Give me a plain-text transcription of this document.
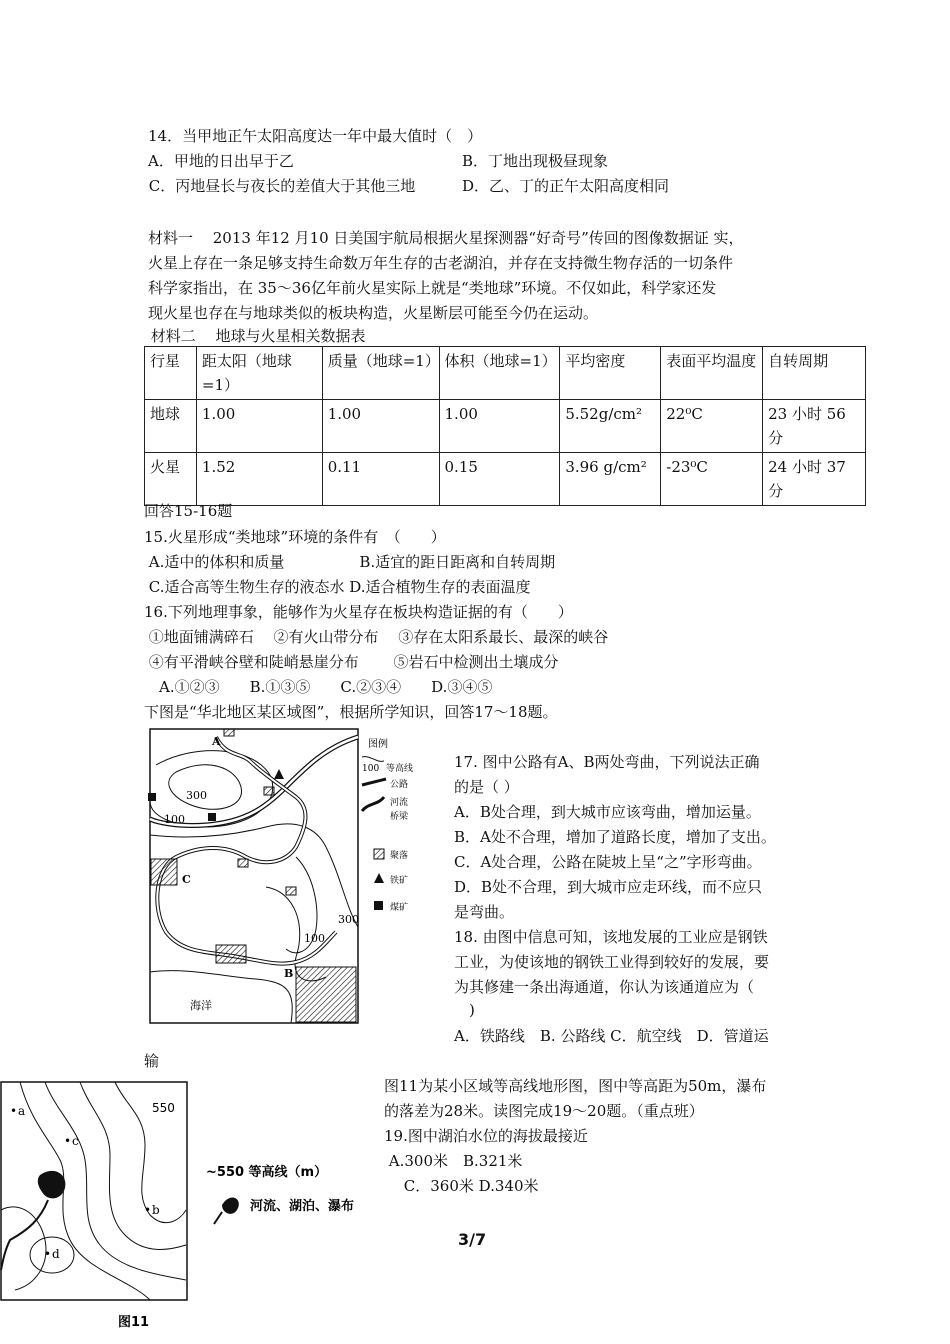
14．当甲地正午太阳高度达一年中最大值时（　）
A．甲地的日出早于乙	B．丁地出现极昼现象
C．丙地昼长与夜长的差值大于其他三地	D．乙、丁的正午太阳高度相同
材料一　 2013 年12 月10 日美国宇航局根据火星探测器“好奇号”传回的图像数据证 实，
火星上存在一条足够支持生命数万年生存的古老湖泊，并存在支持微生物存活的一切条件
科学家指出，在 35～36亿年前火星实际上就是“类地球”环境。不仅如此，科学家还发
现火星也存在与地球类似的板块构造，火星断层可能至今仍在运动。
材料二　 地球与火星相关数据表
行星	距太阳（地球=1）	质量（地球=1）	体积（地球=1）	平均密度	表面平均温度	自转周期
地球	1.00	1.00	1.00	5.52g/cm²	22⁰C	23 小时 56 分
火星	1.52	0.11	0.15	3.96 g/cm²	-23⁰C	24 小时 37 分
回答15-16题
15.火星形成“类地球”环境的条件有　（　　）
A.适中的体积和质量　　　　　B.适宜的距日距离和自转周期
C.适合高等生物生存的液态水 D.适合植物生存的表面温度
16.下列地理事象，能够作为火星存在板块构造证据的有（　　）
①地面铺满碎石　 ②有火山带分布　 ③存在太阳系最长、最深的峡谷
④有平滑峡谷壁和陡峭悬崖分布　　 ⑤岩石中检测出土壤成分
　A.①②③　　B.①③⑤　　C.②③④　　D.③④⑤
下图是“华北地区某区域图”，根据所学知识，回答17～18题。
300
100
300
100
A
B
C
海洋
图例
100 等高线
公路
河流
桥梁
聚落
铁矿
煤矿
17. 图中公路有A、B两处弯曲，下列说法正确
的是（ ）
A．B处合理，到大城市应该弯曲，增加运量。
B．A处不合理，增加了道路长度，增加了支出。
C．A处合理，公路在陡坡上呈“之”字形弯曲。
D．B处不合理，到大城市应走环线，而不应只
是弯曲。
18. 由图中信息可知，该地发展的工业应是钢铁
工业，为使该地的钢铁工业得到较好的发展，要
为其修建一条出海通道，你认为该通道应为（
　)
A．铁路线　B. 公路线 C．航空线　D．管道运
输
550
• a
• b
• c
• d
~550 等高线（m）
河流、湖泊、瀑布
图11
图11为某小区域等高线地形图，图中等高距为50m，瀑布
的落差为28米。读图完成19～20题。（重点班）
19.图中湖泊水位的海拔最接近
A.300米　B.321米
　 C．360米 D.340米
3/7
